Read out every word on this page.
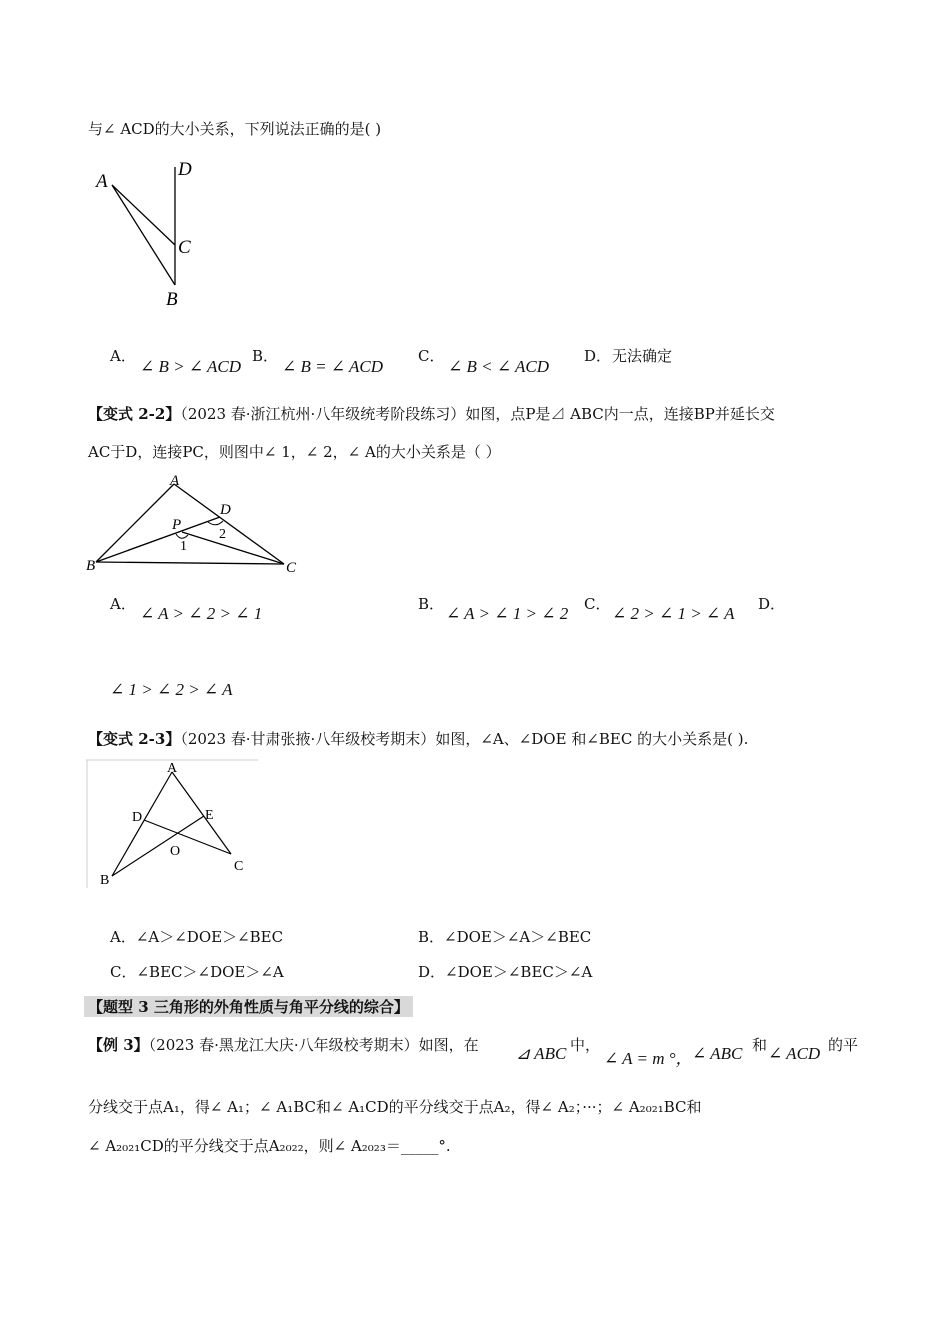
与∠ ACD的大小关系，下列说法正确的是( )
A
D
C
B
A．
∠ B > ∠ ACD
B．
∠ B = ∠ ACD
C．
∠ B < ∠ ACD
D． 无法确定
【变式 2-2】（2023 春·浙江杭州·八年级统考阶段练习）如图，点P是⊿ ABC内一点，连接BP并延长交
AC于D，连接PC，则图中∠ 1，∠ 2，∠ A的大小关系是（ ）
A
B	C
D
P
1
2
A． ∠ A > ∠ 2 > ∠ 1	B． ∠ A > ∠ 1 > ∠ 2 C． ∠ 2 > ∠ 1 > ∠ A D．
∠ 1 > ∠ 2 > ∠ A
【变式 2-3】（2023 春·甘肃张掖·八年级校考期末）如图，∠A、∠DOE 和∠BEC 的大小关系是( ).
A
D	E
O
B
C
A．∠A＞∠DOE＞∠BEC	B．∠DOE＞∠A＞∠BEC
C．∠BEC＞∠DOE＞∠A	D．∠DOE＞∠BEC＞∠A
【题型 3 三角形的外角性质与角平分线的综合】
【例 3】（2023 春·黑龙江大庆·八年级校考期末）如图，在 ⊿ ABC 中，
∠ A = m °， ∠ ABC 和 ∠ ACD 的平
分线交于点A₁，得∠ A₁；∠ A₁BC和∠ A₁CD的平分线交于点A₂，得∠ A₂；···；∠ A₂₀₂₁BC和
∠ A₂₀₂₁CD的平分线交于点A₂₀₂₂，则∠ A₂₀₂₃＝_____°.
